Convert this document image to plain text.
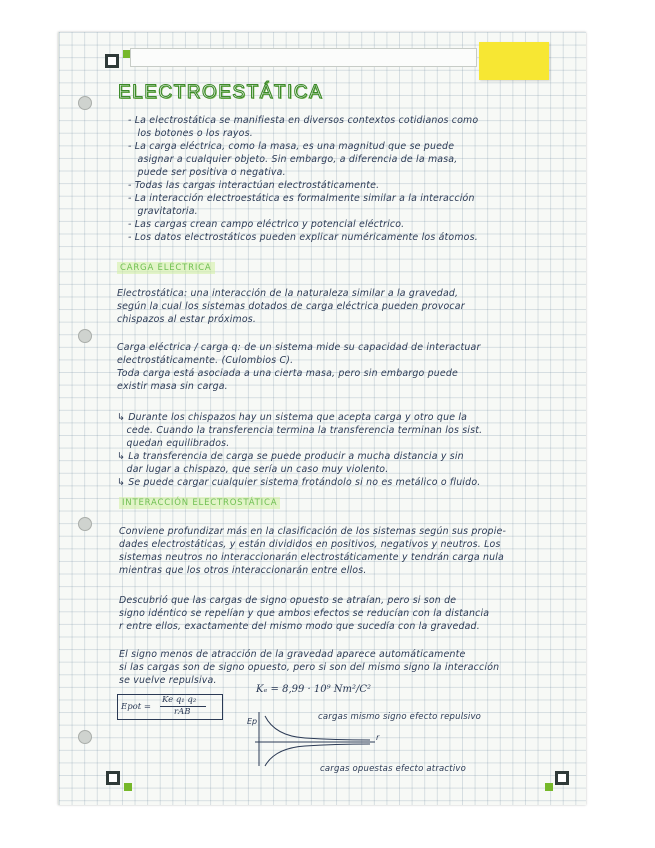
ELECTROESTÁTICA
- La electrostática se manifiesta en diversos contextos cotidianos como
los botones o los rayos.
- La carga eléctrica, como la masa, es una magnitud que se puede
asignar a cualquier objeto. Sin embargo, a diferencia de la masa,
puede ser positiva o negativa.
- Todas las cargas interactúan electrostáticamente.
- La interacción electroestática es formalmente similar a la interacción
gravitatoria.
- Las cargas crean campo eléctrico y potencial eléctrico.
- Los datos electrostáticos pueden explicar numéricamente los átomos.
CARGA ELÉCTRICA

Electrostática: una interacción de la naturaleza similar a la gravedad,
según la cual los sistemas dotados de carga eléctrica pueden provocar
chispazos al estar próximos.

Carga eléctrica / carga q: de un sistema mide su capacidad de interactuar
electrostáticamente. (Culombios C).
Toda carga está asociada a una cierta masa, pero sin embargo puede
existir masa sin carga.

↳ Durante los chispazos hay un sistema que acepta carga y otro que la
cede. Cuando la transferencia termina la transferencia terminan los sist.
quedan equilibrados.
↳ La transferencia de carga se puede producir a mucha distancia y sin
dar lugar a chispazo, que sería un caso muy violento.
↳ Se puede cargar cualquier sistema frotándolo si no es metálico o fluido.

INTERACCIÓN ELECTROSTÁTICA

Conviene profundizar más en la clasificación de los sistemas según sus propie-
dades electrostáticas, y están divididos en positivos, negativos y neutros. Los
sistemas neutros no interaccionarán electrostáticamente y tendrán carga nula
mientras que los otros interaccionarán entre ellos.

Descubrió que las cargas de signo opuesto se atraían, pero si son de
signo idéntico se repelían y que ambos efectos se reducían con la distancia
r entre ellos, exactamente del mismo modo que sucedía con la gravedad.

El signo menos de atracción de la gravedad aparece automáticamente
si las cargas son de signo opuesto, pero si son del mismo signo la interacción
se vuelve repulsiva.

Epot =
Ke q₁ q₂
rAB
Kₑ = 8,99 · 10⁹ Nm²/C²
Ep
r
cargas mismo signo efecto repulsivo
cargas opuestas efecto atractivo
